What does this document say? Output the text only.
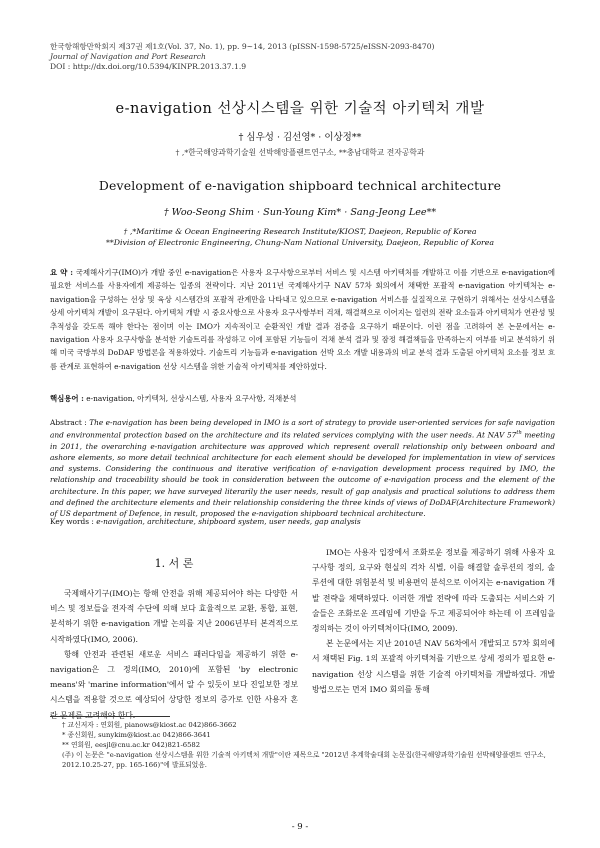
한국항해항만학회지 제37권 제1호(Vol. 37, No. 1), pp. 9~14, 2013 (pISSN-1598-5725/eISSN-2093-8470)
Journal of Navigation and Port Research
DOI : http://dx.doi.org/10.5394/KINPR.2013.37.1.9
e-navigation 선상시스템을 위한 기술적 아키텍처 개발
† 심우성 · 김선영* · 이상정**
† ,*한국해양과학기술원 선박해양플랜트연구소, **충남대학교 전자공학과
Development of e-navigation shipboard technical architecture
† Woo-Seong Shim · Sun-Young Kim* · Sang-Jeong Lee**
† ,*Maritime & Ocean Engineering Research Institute/KIOST, Daejeon, Republic of Korea
**Division of Electronic Engineering, Chung-Nam National University, Daejeon, Republic of Korea
요 약 : 국제해사기구(IMO)가 개발 중인 e-navigation은 사용자 요구사항으로부터 서비스 및 시스템 아키텍처를 개발하고 이를 기반으로 e-navigation에 필요한 서비스를 사용자에게 제공하는 일종의 전략이다. 지난 2011년 국제해사기구 NAV 57차 회의에서 채택한 포괄적 e-navigation 아키텍처는 e-navigation을 구성하는 선상 및 육상 시스템간의 포괄적 관계만을 나타내고 있으므로 e-navigation 서비스를 실질적으로 구현하기 위해서는 선상시스템을 상세 아키텍처 개발이 요구된다. 아키텍처 개발 시 중요사항으로 사용자 요구사항부터 걱채, 해결책으로 이어지는 일련의 전략 요소들과 아키텍처가 연관성 및 추적성을 갖도록 해야 한다는 점이며 이는 IMO가 지속적이고 순환적인 개발 결과 검증을 요구하기 때문이다. 이런 점을 고려하여 본 논문에서는 e-navigation 사용자 요구사항을 분석한 기술트리를 작성하고 이에 포함된 기능들이 걱채 분석 결과 및 잠정 해결책들을 만족하는지 여부를 비교 분석하기 위해 미국 국방부의 DoDAF 방법론을 적용하였다. 기술트리 기능들과 e-navigation 선박 요소 개발 내용과의 비교 분석 결과 도출된 아키텍처 요소를 정보 흐름 관계로 표현하여 e-navigation 선상 시스템을 위한 기술적 아키텍처를 제안하였다.
핵심용어 : e-navigation, 아키텍처, 선상시스템, 사용자 요구사항, 걱채분석
Abstract : The e-navigation has been being developed in IMO is a sort of strategy to provide user-oriented services for safe navigation and environmental protection based on the architecture and its related services complying with the user needs. At NAV 57th meeting in 2011, the overarching e-navigation architecture was approved which represent overall relationship only between onboard and ashore elements, so more detail technical architecture for each element should be developed for implementation in view of services and systems. Considering the continuous and iterative verification of e-navigation development process required by IMO, the relationship and traceability should be took in consideration between the outcome of e-navigation process and the element of the architecture. In this paper, we have surveyed literarily the user needs, result of gap analysis and practical solutions to address them and defined the architecture elements and their relationship considering the three kinds of views of DoDAF(Architecture Framework) of US department of Defence, in result, proposed the e-navigation shipboard technical architecture.
Key words : e-navigation, architecture, shipboard system, user needs, gap analysis
1. 서 론
국제해사기구(IMO)는 항해 안전을 위해 제공되어야 하는 다양한 서비스 및 정보들을 전자적 수단에 의해 보다 효율적으로 교환, 통합, 표현, 분석하기 위한 e-navigation 개발 논의를 지난 2006년부터 본격적으로 시작하였다(IMO, 2006).
항해 안전과 관련된 새로운 서비스 패러다임을 제공하기 위한 e-navigation은 그 정의(IMO, 2010)에 포함된 'by electronic means'와 'marine information'에서 알 수 있듯이 보다 진일보한 정보 시스템을 적용할 것으로 예상되어 상당한 정보의 증가로 인한 사용자 혼란 문제를 고려해야 한다.
IMO는 사용자 입장에서 조화로운 정보를 제공하기 위해 사용자 요구사항 정의, 요구와 현실의 걱차 식별, 이를 해결할 솔루션의 정의, 솔루션에 대한 위험분석 및 비용편익 분석으로 이어지는 e-navigation 개발 전략을 채택하였다. 이러한 개발 전략에 따라 도출되는 서비스와 기술들은 조화로운 프레임에 기반을 두고 제공되어야 하는데 이 프레임을 정의하는 것이 아키텍처이다(IMO, 2009).
본 논문에서는 지난 2010년 NAV 56차에서 개발되고 57차 회의에서 채택된 Fig. 1의 포괄적 아키텍처를 기반으로 상세 정의가 필요한 e-navigation 선상 시스템을 위한 기술적 아키텍처를 개발하였다. 개발 방법으로는 먼저 IMO 회의를 통해
† 교신저자 : 연회원, pianows@kiost.ac 042)866-3662
* 종신회원, sunykim@kiost.ac 042)866-3641
** 연회원, eesjl@cnu.ac.kr 042)821-6582
(주) 이 논문은 "e-navigation 선상시스템을 위한 기술적 아키텍처 개발"이란 제목으로 "2012년 추계학술대회 논문집(한국해양과학기술원 선박해양플랜트 연구소, 2012.10.25-27, pp. 165-166)"에 발표되었음.
- 9 -
